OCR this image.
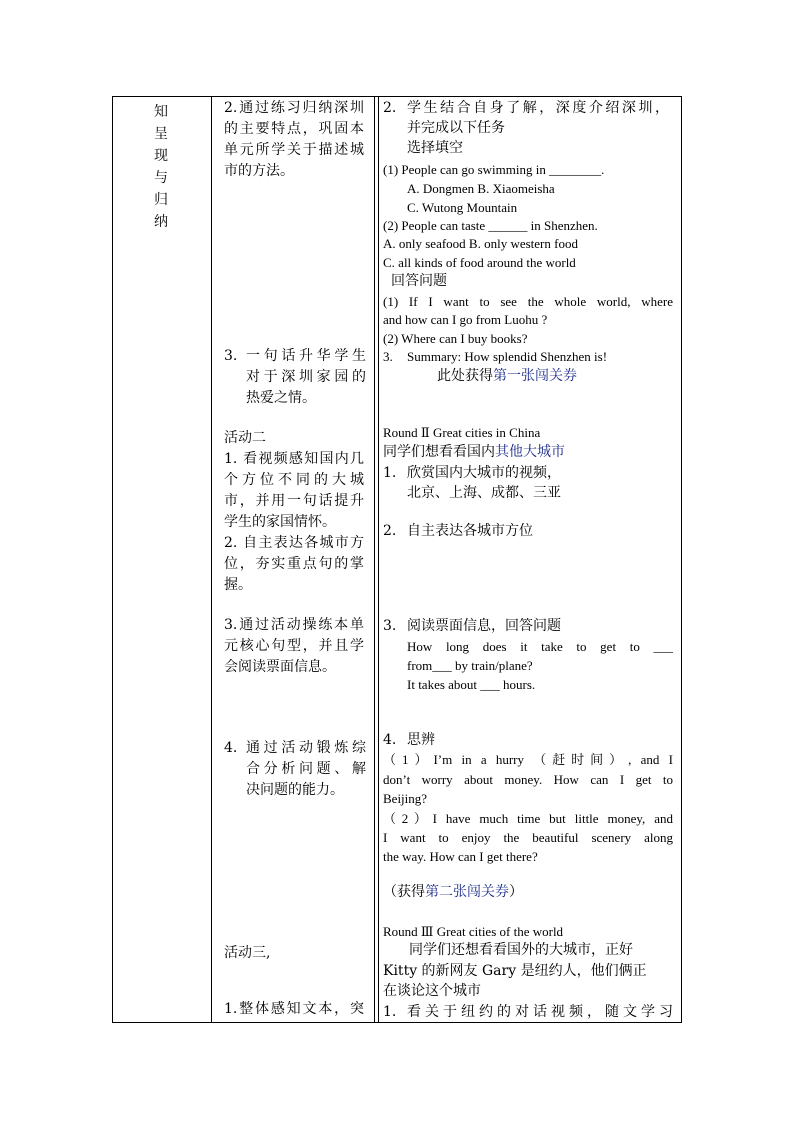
知呈现与归纳
2.通过练习归纳深圳
的主要特点，巩固本
单元所学关于描述城
市的方法。
3. 一句话升华学生
对于深圳家园的
热爱之情。
活动二
1. 看视频感知国内几
个方位不同的大城
市，并用一句话提升
学生的家国情怀。
2. 自主表达各城市方
位，夯实重点句的掌
握。
3.通过活动操练本单
元核心句型，并且学
会阅读票面信息。
4. 通过活动锻炼综
合分析问题、解
决问题的能力。
活动三,
1.整体感知文本，突
2. 学生结合自身了解，深度介绍深圳，
并完成以下任务
选择填空
(1) People can go swimming in ________.
A. Dongmen B. Xiaomeisha
C. Wutong Mountain
(2) People can taste ______ in Shenzhen.
A. only seafood B. only western food
C. all kinds of food around the world
回答问题
(1) If I want to see the whole world, where
and how can I go from Luohu ?
(2) Where can I buy books?
3. Summary: How splendid Shenzhen is!
此处获得第一张闯关券
Round Ⅱ Great cities in China
同学们想看看国内其他大城市
1. 欣赏国内大城市的视频，
北京、上海、成都、三亚
2. 自主表达各城市方位
3. 阅读票面信息，回答问题
How long does it take to get to ___
from___ by train/plane?
It takes about ___ hours.
4. 思辨
（1）I’m in a hurry （赶时间）, and I
don’t worry about money. How can I get to
Beijing?
（2）I have much time but little money, and
I want to enjoy the beautiful scenery along
the way. How can I get there?
（获得第二张闯关券）
Round Ⅲ Great cities of the world
同学们还想看看国外的大城市，正好
Kitty 的新网友 Gary 是纽约人，他们俩正
在谈论这个城市
1. 看关于纽约的对话视频，随文学习
